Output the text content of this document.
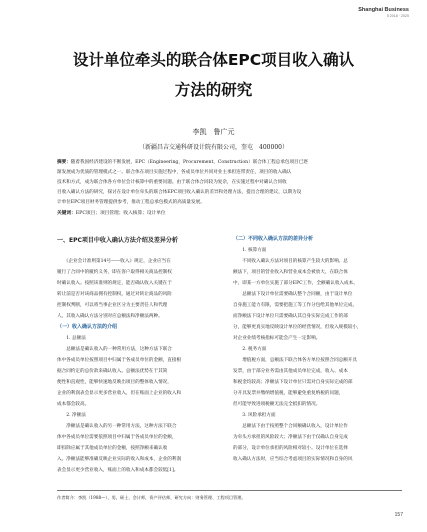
Shanghai Business
5 2018 · 2025
设计单位牵头的联合体EPC项目收入确认
方法的研究
李凯　鲁广元
（新疆昌吉交通科研设计院有限公司，奎屯　400000）

摘要：随着我国经济建设的不断发展，EPC（Engineering，Procurement，Construction）联合体工程总承包项目已逐

渐发展成为优质的管理模式之一。联合体在项目实施过程中，各成员单位共同对业主承担连带责任，项目的收入确认

技术和方式，成为联合体各方单位会计核算中的重要问题。由于联合体合同较为复杂，在实施过程中对确认合同收

目收入确认方法的研究，探讨在设计单位牵头的联合体EPC项目收入确认的差异和处理方法，提出合理的建议，以期为设

计单位EPC项目财务管理提供参考，推动工程总承包模式的高质量发展。

关键词：EPC项目；项目管理；收入核算；设计单位

一、EPC项目中收入确认方法介绍及差异分析

　　《企业会计准则第14号——收入》规定，企业应当在

履行了合同中的履约义务，即在客户取得相关商品控制权

时确认收入。按照该准则的规定，能否确认收入关键在于

转让前是否对该商品拥有控制权，通过对转让商品的风险

控制权判断，可以将当事企业区分为主要责任人和代理

人。其收入确认方法分别对应总额法和净额法两种。

（一）收入确认方法的介绍

　　1. 总额法

　　总额法是确认收入的一种常用方法，这种方法下联合

体中各成员单位按照项目中归属于各成员单位的金额，直接根

据合同约定的总价款来确认收入。总额法优势在于其简

便性和直观性，能够快速地反映出项目的整体收入情况，

企业的利润表会显示更多营业收入，但在账面上企业的收入和

成本都会较高。

　　2. 净额法

　　净额法是确认收入的另一种常用方法，这种方法下联合

体中各成员单位需要依照项目中归属于各成员单位的金额，

即扣除应属于其他成员单位的金额，按照净额来确认收

入。净额法能够准确反映企业实际的收入和成本，企业的利润

表会显示更少营业收入，账面上的收入和成本都会较低[1]。

（二）不同收入确认方法的差异分析

　　1. 核算方面

　　不同收入确认方法对项目的核算产生较大的影响。总

额法下，项目的营业收入和营业成本会被放大，在联合体

中，即某一方单位实施了部分EPC工作，全额确认收入成本。

　　总额法下设计单位需要确认整个合同额，由于设计单位

自身施工能力有限，需要把施工等工作分包给其他单位完成，

而净额法下设计单位只需要确认其自身实际完成工作的部

分，能够更真实地反映设计单位的经营情况，但收入规模较小，

对企业业绩考核指标可能会产生一定影响。

　　2. 税务方面

　　增值税方面，总额法下联合体各方单位按照合同总额开具

发票，由于部分业务需由其他成员单位完成，收入、成本

和税金均较高；净额法下设计单位只需对自身实际完成的部

分开具发票并缴纳增值税，能够避免重复纳税的问题，

但可能导致进项税额无法完全抵扣的情况。

　　3. 风险承担方面

　　总额法下由于按照整个合同额确认收入，设计单位作

为牵头方承担的风险较大；净额法下由于仅确认自身完成

的部分，设计单位承担的风险相对较小。设计单位在选择

收入确认方法时，应当综合考虑项目的实际情况和自身的风

作者简介：李凯（1988—），男，硕士，会计师，资产评估师，研究方向：财务管理、工程项目管理。
157
